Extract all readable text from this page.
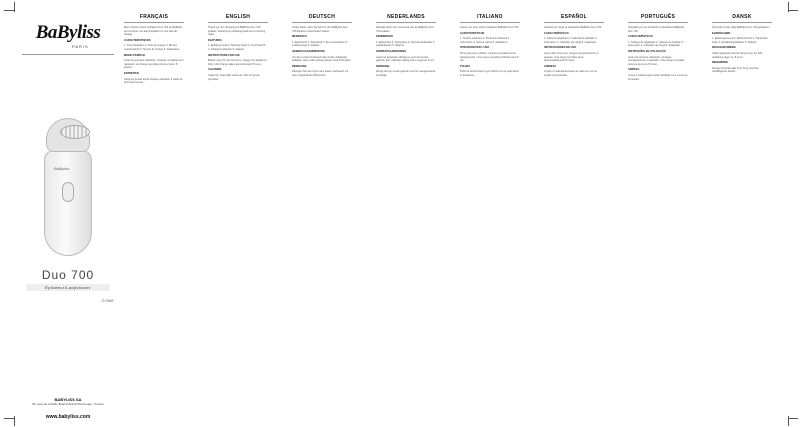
BaByliss
PARIS
BaByliss
Duo 700
Épilateur/Ladyshaver
G768E
BABYLISS SA
99, Avenue Aristide Briand 92120 Montrouge - France
www.babyliss.com
FRANÇAIS

Merci d'avoir choisi l'épilateur Duo 700 de BaByliss qui combine une tête d'épilation et une tête de rasage.

CARACTÉRISTIQUES

1. Tête d'épilation 2. Tête de rasage 3. Bouton marche/arrêt 4. Témoin de charge 5. Adaptateur

MODE D'EMPLOI

Avant la première utilisation, chargez complètement l'appareil. La charge complète prend environ 8 heures.

ENTRETIEN

Nettoyez la tête après chaque utilisation à l'aide de la brosse fournie.

ENGLISH

Thank you for choosing the BaByliss Duo 700 epilator, featuring an epilating head and a shaving head.

FEATURES

1. Epilating head 2. Shaving head 3. On/off switch 4. Charging indicator 5. Adaptor

INSTRUCTIONS FOR USE

Before using for the first time, charge the appliance fully. A full charge takes approximately 8 hours.

CLEANING

Clean the head after each use with the brush provided.

DEUTSCH

Vielen Dank, dass Sie sich für den BaByliss Duo 700 Epilierer entschieden haben.

MERKMALE

1. Epilierkopf 2. Scherkopf 3. Ein-/Ausschalter 4. Ladeanzeige 5. Adapter

GEBRAUCHSANWEISUNG

Vor dem ersten Gebrauch das Gerät vollständig aufladen. Eine volle Ladung dauert etwa 8 Stunden.

REINIGUNG

Reinigen Sie den Kopf nach jedem Gebrauch mit dem mitgelieferten Bürstchen.

NEDERLANDS

Hartelijk dank voor uw keuze van de BaByliss Duo 700 epilator.

KENMERKEN

1. Epileerkop 2. Scheerkop 3. Aan/uit-schakelaar 4. Laadindicator 5. Adapter

GEBRUIKSAANWIJZING

Laad het apparaat volledig op voor het eerste gebruik. Een volledige lading duurt ongeveer 8 uur.

REINIGING

Reinig de kop na elk gebruik met het meegeleverde borsteltje.

ITALIANO

Grazie per aver scelto l'epilatore BaByliss Duo 700.

CARATTERISTICHE

1. Testina epilatrice 2. Testina di rasatura 3. Interruttore 4. Spia di carica 5. Adattatore

ISTRUZIONI PER L'USO

Prima del primo utilizzo, caricare completamente l'apparecchio. Una carica completa richiede circa 8 ore.

PULIZIA

Pulire la testina dopo ogni utilizzo con lo spazzolino in dotazione.

ESPAÑOL

Gracias por elegir la depiladora BaByliss Duo 700.

CARACTERÍSTICAS

1. Cabezal depilador 2. Cabezal de afeitado 3. Interruptor 4. Indicador de carga 5. Adaptador

INSTRUCCIONES DE USO

Antes del primer uso, cargue completamente el aparato. Una carga completa dura aproximadamente 8 horas.

LIMPIEZA

Limpie el cabezal después de cada uso con el cepillo suministrado.

PORTUGUÊS

Obrigado por ter escolhido a depiladora BaByliss Duo 700.

CARACTERÍSTICAS

1. Cabeça de depilação 2. Cabeça de barbear 3. Interruptor 4. Indicador de carga 5. Adaptador

INSTRUÇÕES DE UTILIZAÇÃO

Antes da primeira utilização, carregue completamente o aparelho. Uma carga completa demora cerca de 8 horas.

LIMPEZA

Limpe a cabeça após cada utilização com a escova fornecida.

DANSK

Tak fordi du har valgt BaByliss Duo 700 epilatoren.

EGENSKABER

1. Epileringshoved 2. Barberhoved 3. Tænd/sluk-knap 4. Opladningsindikator 5. Adapter

BRUGSANVISNING

Oplad apparatet helt før første brug. En fuld opladning tager ca. 8 timer.

RENGØRING

Rengør hovedet efter hver brug med den medfølgende børste.
